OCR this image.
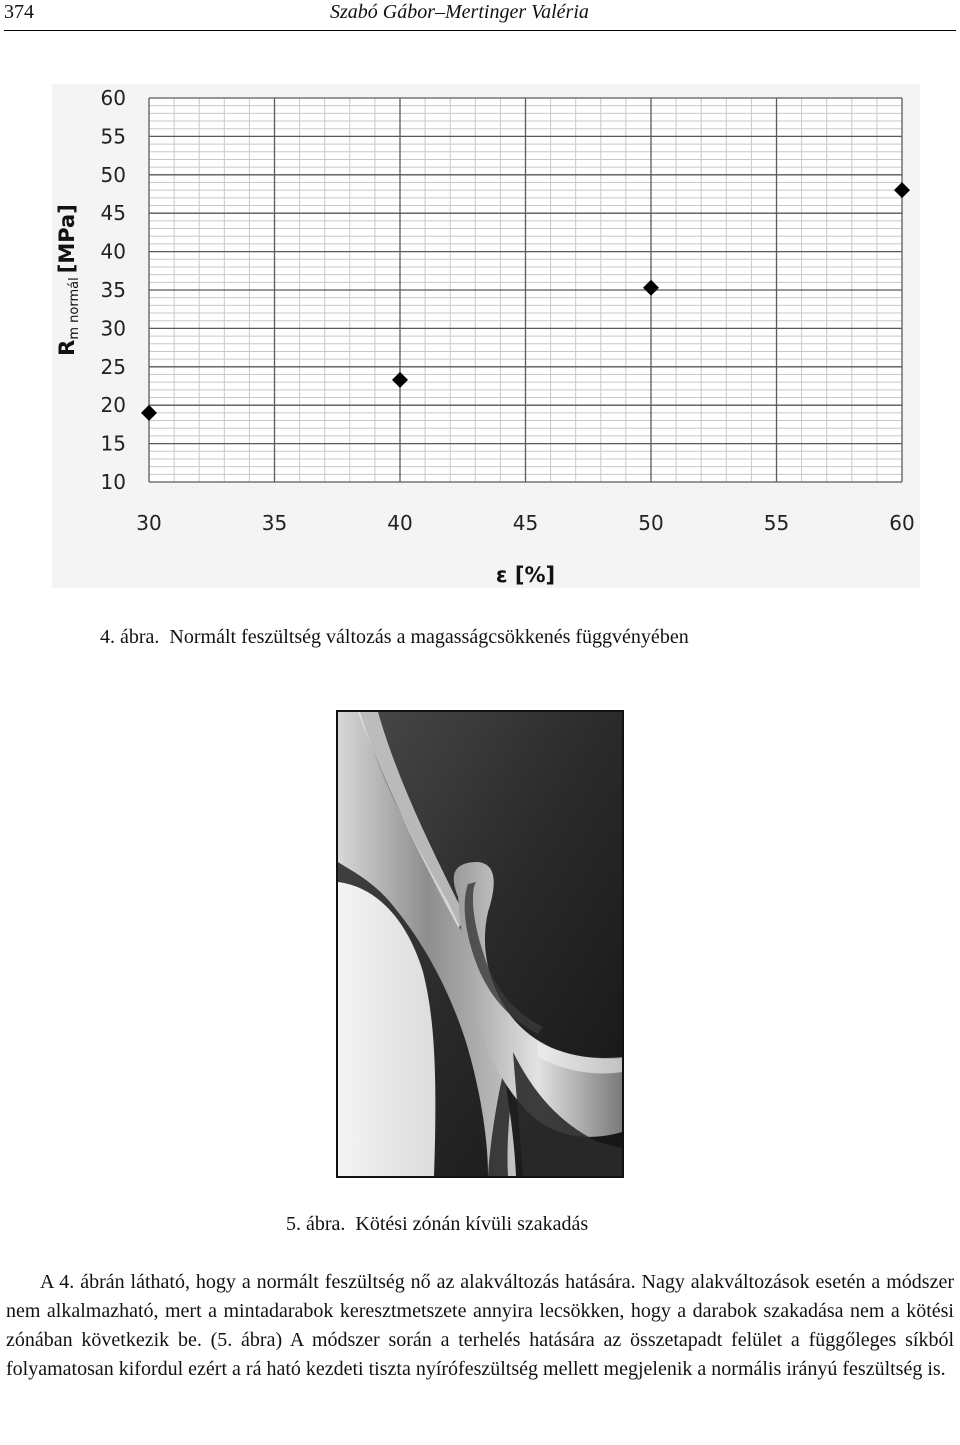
374	Szabó Gábor–Mertinger Valéria
30	35	40	45	50	55	60
10
15
20
25
30
35
40
45
50
55
60
ε [%]
Rm normál[MPa]
4. ábra. Normált feszültség változás a magasságcsökkenés függvényében
5. ábra. Kötési zónán kívüli szakadás

A 4. ábrán látható, hogy a normált feszültség nő az alakváltozás hatására. Nagy alakváltozások esetén a módszer nem alkalmazható, mert a mintadarabok keresztmetszete annyira lecsökken, hogy a darabok szakadása nem a kötési zónában következik be. (5. ábra) A módszer során a terhelés hatására az összetapadt felület a függőleges síkból folyamatosan kifordul ezért a rá ható kezdeti tiszta nyírófeszültség mellett megjelenik a normális irányú feszültség is.
